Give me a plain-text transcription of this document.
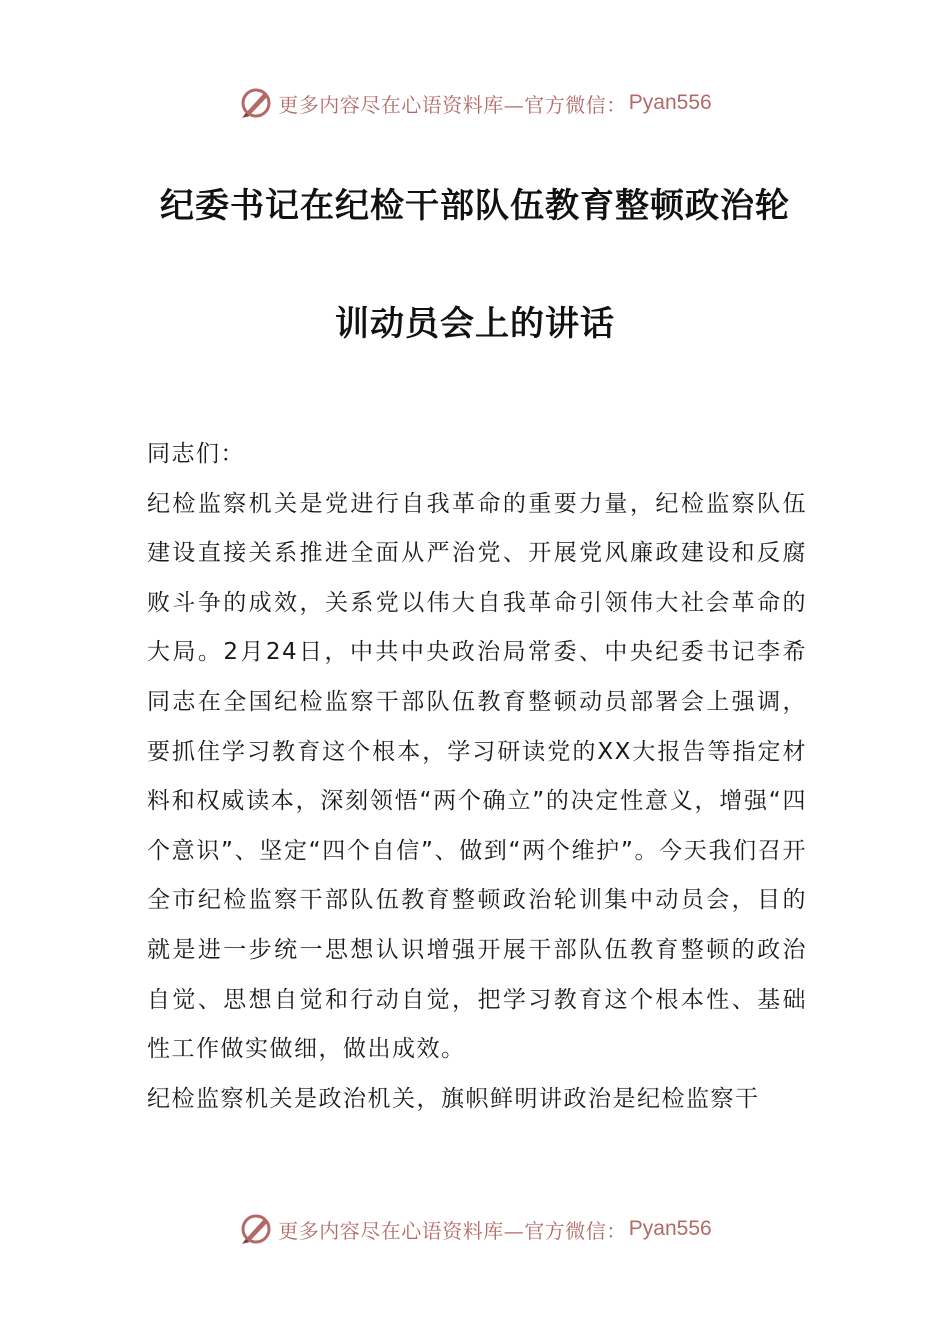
更多内容尽在心语资料库—官方微信： Pyan556
纪委书记在纪检干部队伍教育整顿政治轮
训动员会上的讲话

同志们：

纪检监察机关是党进行自我革命的重要力量，纪检监察队伍建设直接关系推进全面从严治党、开展党风廉政建设和反腐败斗争的成效，关系党以伟大自我革命引领伟大社会革命的大局。2月24日，中共中央政治局常委、中央纪委书记李希同志在全国纪检监察干部队伍教育整顿动员部署会上强调，要抓住学习教育这个根本，学习研读党的XX大报告等指定材料和权威读本，深刻领悟“两个确立”的决定性意义，增强“四个意识”、坚定“四个自信”、做到“两个维护”。今天我们召开全市纪检监察干部队伍教育整顿政治轮训集中动员会，目的就是进一步统一思想认识增强开展干部队伍教育整顿的政治自觉、思想自觉和行动自觉，把学习教育这个根本性、基础性工作做实做细，做出成效。

纪检监察机关是政治机关，旗帜鲜明讲政治是纪检监察干

更多内容尽在心语资料库—官方微信： Pyan556
